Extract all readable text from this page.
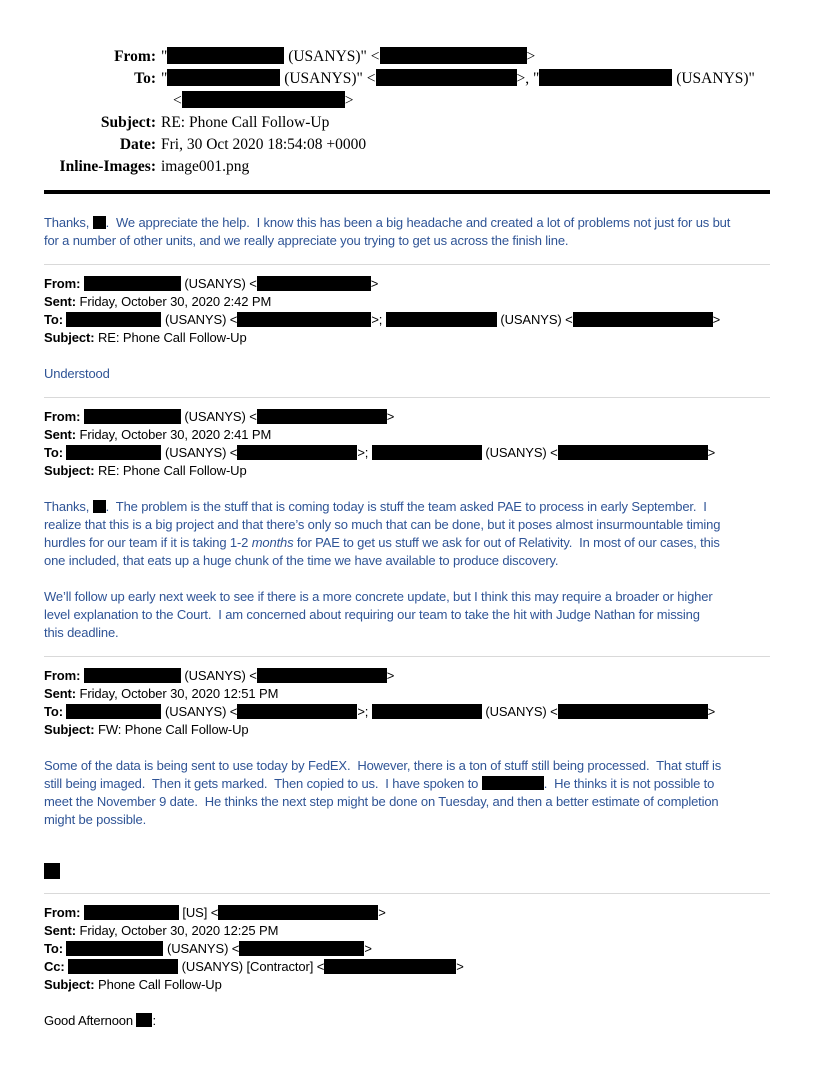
From: "	(USANYS)" <	>
To: "	(USANYS)" <	>, "	(USANYS)"
<	>
Subject: RE: Phone Call Follow-Up
Date: Fri, 30 Oct 2020 18:54:08 +0000
Inline-Images: image001.png
Thanks, .  We appreciate the help.  I know this has been a big headache and created a lot of problems not just for us but
for a number of other units, and we really appreciate you trying to get us across the finish line.
From:	(USANYS) <	>
Sent: Friday, October 30, 2020 2:42 PM
To:	(USANYS) <	>;	(USANYS) <	>
Subject: RE: Phone Call Follow-Up
Understood
From:	(USANYS) <	>
Sent: Friday, October 30, 2020 2:41 PM
To:	(USANYS) <	>;	(USANYS) <	>
Subject: RE: Phone Call Follow-Up
Thanks, .  The problem is the stuff that is coming today is stuff the team asked PAE to process in early September.  I
realize that this is a big project and that there’s only so much that can be done, but it poses almost insurmountable timing
hurdles for our team if it is taking 1-2 months for PAE to get us stuff we ask for out of Relativity.  In most of our cases, this
one included, that eats up a huge chunk of the time we have available to produce discovery.
We’ll follow up early next week to see if there is a more concrete update, but I think this may require a broader or higher
level explanation to the Court.  I am concerned about requiring our team to take the hit with Judge Nathan for missing
this deadline.
From:	(USANYS) <	>
Sent: Friday, October 30, 2020 12:51 PM
To:	(USANYS) <	>;	(USANYS) <	>
Subject: FW: Phone Call Follow-Up
Some of the data is being sent to use today by FedEX.  However, there is a ton of stuff still being processed.  That stuff is
still being imaged.  Then it gets marked.  Then copied to us.  I have spoken to	.  He thinks it is not possible to
meet the November 9 date.  He thinks the next step might be done on Tuesday, and then a better estimate of completion
might be possible.
From:	[US] <	>
Sent: Friday, October 30, 2020 12:25 PM
To:	(USANYS) <	>
Cc:	(USANYS) [Contractor] <	>
Subject: Phone Call Follow-Up
Good Afternoon :
